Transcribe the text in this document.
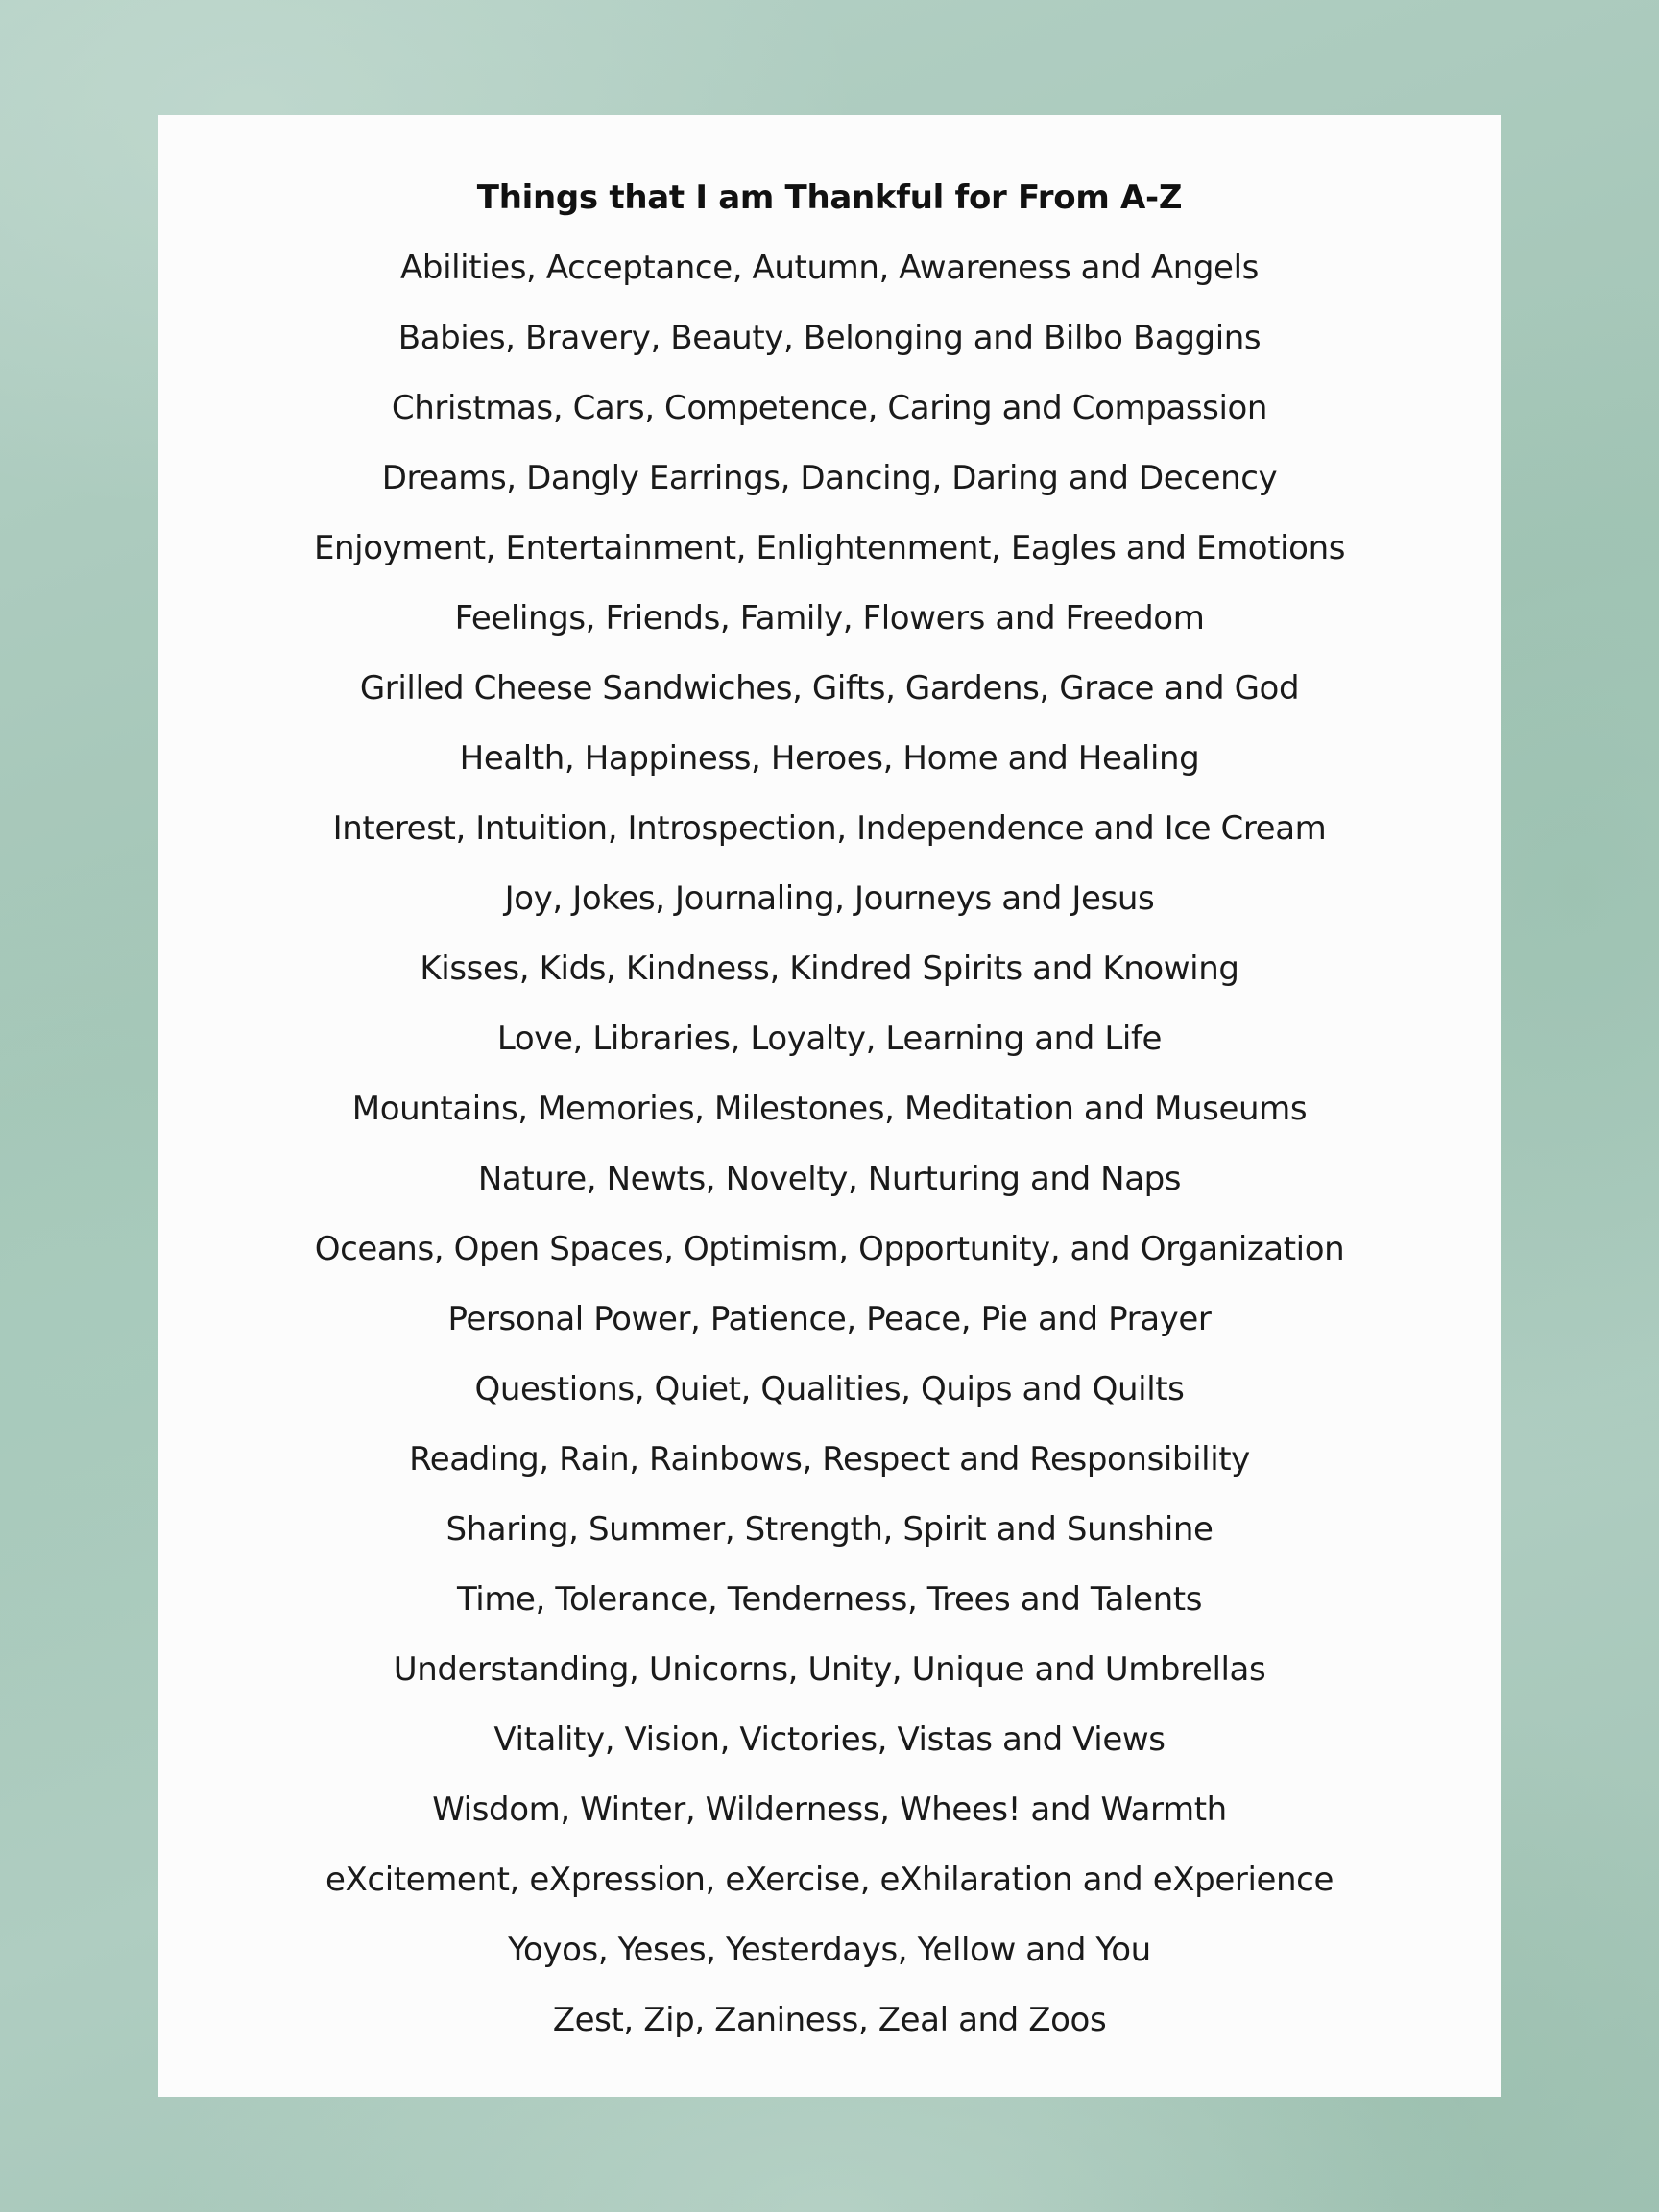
Things that I am Thankful for From A-Z
Abilities, Acceptance, Autumn, Awareness and Angels
Babies, Bravery, Beauty, Belonging and Bilbo Baggins
Christmas, Cars, Competence, Caring and Compassion
Dreams, Dangly Earrings, Dancing, Daring and Decency
Enjoyment, Entertainment, Enlightenment, Eagles and Emotions
Feelings, Friends, Family, Flowers and Freedom
Grilled Cheese Sandwiches, Gifts, Gardens, Grace and God
Health, Happiness, Heroes, Home and Healing
Interest, Intuition, Introspection, Independence and Ice Cream
Joy, Jokes, Journaling, Journeys and Jesus
Kisses, Kids, Kindness, Kindred Spirits and Knowing
Love, Libraries, Loyalty, Learning and Life
Mountains, Memories, Milestones, Meditation and Museums
Nature, Newts, Novelty, Nurturing and Naps
Oceans, Open Spaces, Optimism, Opportunity, and Organization
Personal Power, Patience, Peace, Pie and Prayer
Questions, Quiet, Qualities, Quips and Quilts
Reading, Rain, Rainbows, Respect and Responsibility
Sharing, Summer, Strength, Spirit and Sunshine
Time, Tolerance, Tenderness, Trees and Talents
Understanding, Unicorns, Unity, Unique and Umbrellas
Vitality, Vision, Victories, Vistas and Views
Wisdom, Winter, Wilderness, Whees! and Warmth
eXcitement, eXpression, eXercise, eXhilaration and eXperience
Yoyos, Yeses, Yesterdays, Yellow and You
Zest, Zip, Zaniness, Zeal and Zoos
